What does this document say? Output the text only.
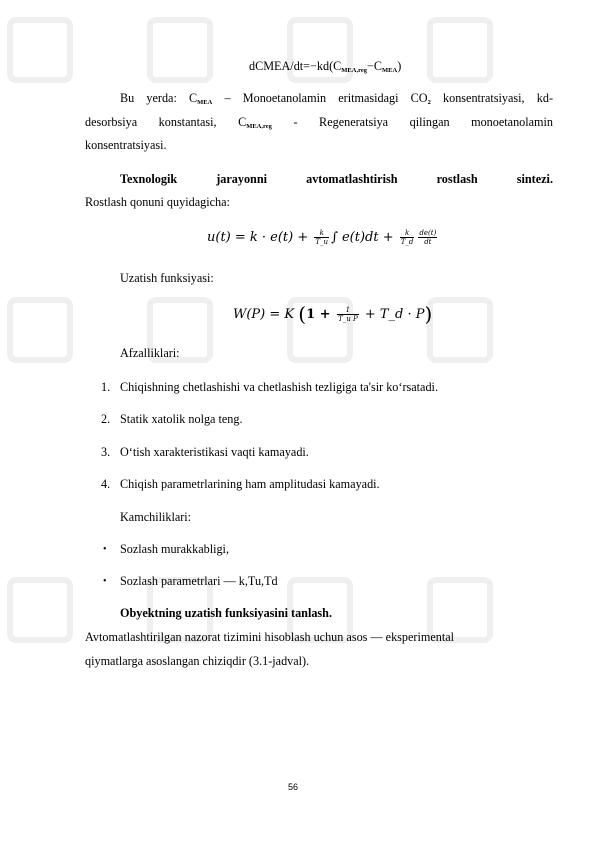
dCMEA/$dt=-kd(C_{MEA,reg}-C_{MEA})$
Bu yerda: $C_{MEA}$ – Monoetanolamin eritmasidagi $CO_2$ konsentratsiyasi, kd-
desorbsiya konstantasi, $C_{MEA,reg}$ - Regeneratsiya qilingan monoetanolamin
konsentratsiyasi.
Texnologik jarayonni avtomatlashtirish rostlash sintezi.
Rostlash qonuni quyidagicha:
$u(t) = k \cdot e(t) + \frac{k}{T\_u}$ ∫ $e(t)dt + \frac{k}{T\_d} \frac{de(t)}{dt}$
Uzatish funksiyasi:
W(P) = K ($1 + \frac{1}{\text{T\_u P}}$ + T_d · P)
Afzalliklari:
1. Chiqishning chetlashishi va chetlashish tezligiga ta'sir ko‘rsatadi.
2. Statik xatolik nolga teng.
3. O‘tish xarakteristikasi vaqti kamayadi.
4. Chiqish parametrlarining ham amplitudasi kamayadi.
Kamchiliklari:
• Sozlash murakkabligi,
• Sozlash parametrlari — k,Tu,Td
Obyektning uzatish funksiyasini tanlash.
Avtomatlashtirilgan nazorat tizimini hisoblash uchun asos — eksperimental
qiymatlarga asoslangan chiziqdir (3.1-jadval).
56
